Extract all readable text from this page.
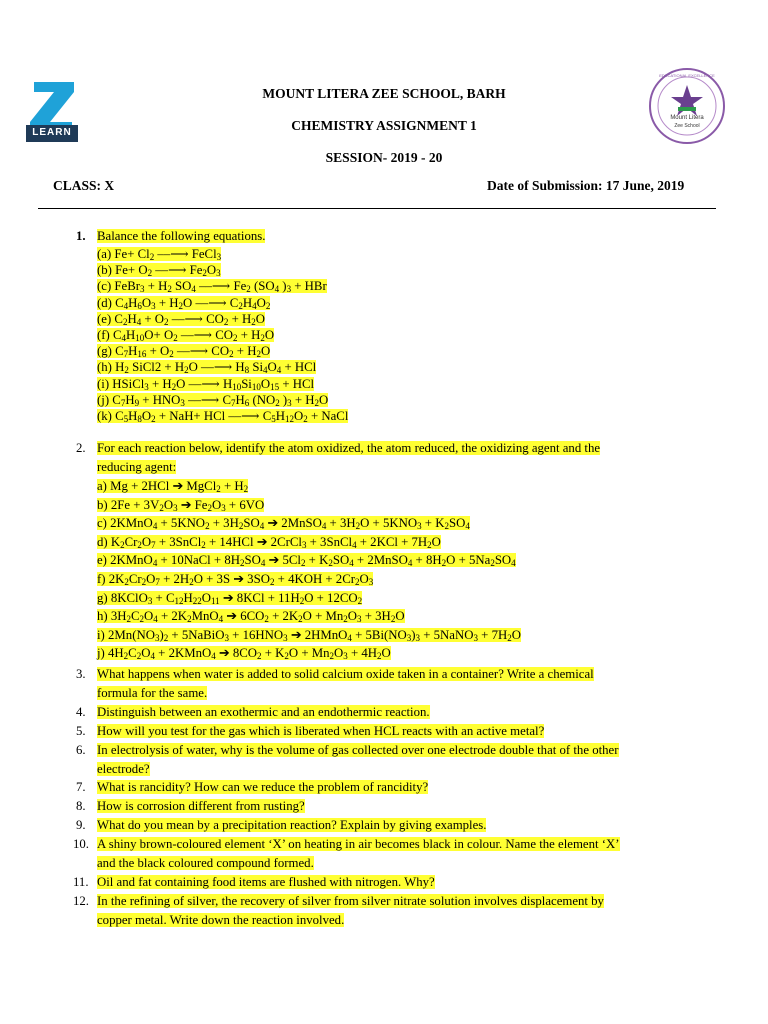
LEARN
Mount Litera
Zee School
EDUCATIONAL EXCELLENCE
MOUNT LITERA ZEE SCHOOL, BARH
CHEMISTRY ASSIGNMENT 1
SESSION- 2019 - 20
CLASS: X	Date of Submission: 17 June, 2019
1. Balance the following equations.
(a) $Fe+ Cl_2$ ––⟶ FeCl$_3$
(b) $Fe+ O_2$ ––⟶ $Fe_2O_3$
(c) FeBr$_3$ + $H_2$ $SO_4$ ––⟶ $Fe_2$ ($SO_4$ )$_3$ + HBr
(d) $C_4H_6O_3 + H_2O$ ––⟶ $C_2H_4O_2$
(e) $C_2H_4 + O_2$ ––⟶ $CO_2 + H_2O$
(f) $C_4H_{10}O+ O_2$ ––⟶ $CO_2 + H_2O$
(g) $C_7H_{16} + O_2$ ––⟶ $CO_2 + H_2O$
(h) $H_2$ SiCl2 + $H_2O$ ––⟶ $H_8$ $Si_4O_4$ + HCl
(i) HSiCl$_3$ + $H_2O$ ––⟶ $H_{10}Si_{10}O_{15}$ + HCl
(j) $C_7H_9 + HNO_3$ ––⟶ $C_7H_6$ ($NO_2$ )$_3 + H_2O$
(k) $C_5H_8O_2 + NaH+$ HCl ––⟶ $C_5H_{12}O_2$ + NaCl
2. For each reaction below, identify the atom oxidized, the atom reduced, the oxidizing agent and the
reducing agent:
a) Mg + 2HCl ➔ MgCl$_2$ + $H_2$
b) $2Fe + 3V_2O_3$ ➔ $Fe_2O_3 + 6VO$
c) 2KMnO$_4$ + $5KNO_2 + 3H_2SO_4$ ➔ 2MnSO$_4$ + $3H_2O + 5KNO_3 + K_2SO_4$
d) $K_2Cr_2O_7$ + 3SnCl$_2$ + 14HCl ➔ 2CrCl$_3$ + 3SnCl$_4$ + $2KCl + 7H_2O$
e) 2KMnO$_4$ + 10NaCl + $8H_2SO_4$ ➔ $5Cl_2 + K_2SO_4$ + 2MnSO$_4$ + $8H_2O + 5Na_2SO_4$
f) $2K_2Cr_2O_7 + 2H_2O + 3S$ ➔ $3SO_2 + 4KOH + 2Cr_2O_3$
g) 8KClO$_3$ + $C_{12}H_{22}O_{11}$ ➔ $8KCl + 11H_2O + 12CO_2$
h) $3H_2C_2O_4 + 2K_2MnO_4$ ➔ $6CO_2 + 2K_2O + Mn_2O_3 + 3H_2O$
i) $2Mn(NO_3)_2$ + 5NaBiO$_3$ + $16HNO_3$ ➔ 2HMnO$_4$ + $5Bi(NO_3)_3$ + 5NaNO$_3$ + $7H_2O$
j) $4H_2C_2O_4$ + 2KMnO$_4$ ➔ $8CO_2 + K_2O + Mn_2O_3 + 4H_2O$
3. What happens when water is added to solid calcium oxide taken in a container? Write a chemical
formula for the same.
4. Distinguish between an exothermic and an endothermic reaction.
5. How will you test for the gas which is liberated when HCL reacts with an active metal?
6. In electrolysis of water, why is the volume of gas collected over one electrode double that of the other
electrode?
7. What is rancidity? How can we reduce the problem of rancidity?
8. How is corrosion different from rusting?
9. What do you mean by a precipitation reaction? Explain by giving examples.
10. A shiny brown-coloured element ‘X’ on heating in air becomes black in colour. Name the element ‘X’
and the black coloured compound formed.
11. Oil and fat containing food items are flushed with nitrogen. Why?
12. In the refining of silver, the recovery of silver from silver nitrate solution involves displacement by
copper metal. Write down the reaction involved.
